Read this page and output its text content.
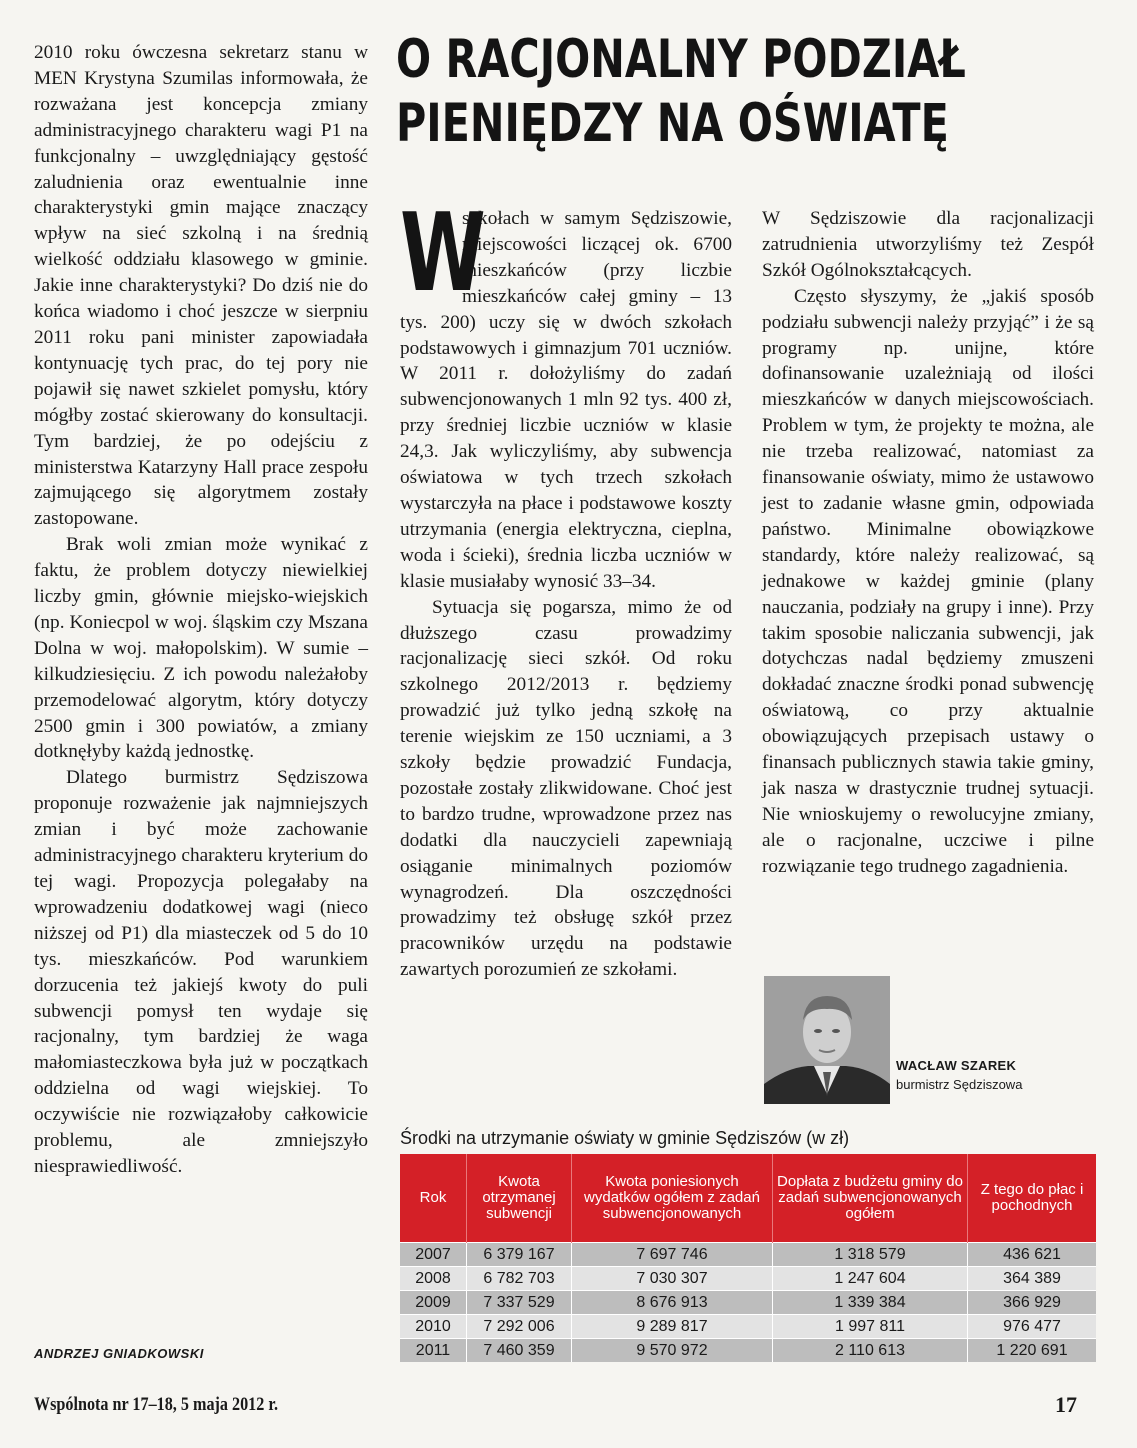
O RACJONALNY PODZIAŁ
PIENIĘDZY NA OŚWIATĘ

2010 roku ówczesna sekretarz stanu w MEN Krystyna Szumilas informowała, że rozważana jest koncepcja zmiany administracyjnego charakteru wagi P1 na funkcjonalny – uwzględniający gęstość zaludnienia oraz ewentualnie inne charakterystyki gmin mające znaczący wpływ na sieć szkolną i na średnią wielkość oddziału klasowego w gminie. Jakie inne charakterystyki? Do dziś nie do końca wiadomo i choć jeszcze w sierpniu 2011 roku pani minister zapowiadała kontynuację tych prac, do tej pory nie pojawił się nawet szkielet pomysłu, który mógłby zostać skierowany do konsultacji. Tym bardziej, że po odejściu z ministerstwa Katarzyny Hall prace zespołu zajmującego się algorytmem zostały zastopowane.

Brak woli zmian może wynikać z faktu, że problem dotyczy niewielkiej liczby gmin, głównie miejsko-wiejskich (np. Koniecpol w woj. śląskim czy Mszana Dolna w woj. małopolskim). W sumie – kilkudziesięciu. Z ich powodu należałoby przemodelować algorytm, który dotyczy 2500 gmin i 300 powiatów, a zmiany dotknęłyby każdą jednostkę.

Dlatego burmistrz Sędziszowa proponuje rozważenie jak najmniejszych zmian i być może zachowanie administracyjnego charakteru kryterium do tej wagi. Propozycja polegałaby na wprowadzeniu dodatkowej wagi (nieco niższej od P1) dla miasteczek od 5 do 10 tys. mieszkańców. Pod warunkiem dorzucenia też jakiejś kwoty do puli subwencji pomysł ten wydaje się racjonalny, tym bardziej że waga małomiasteczkowa była już w początkach oddzielna od wagi wiejskiej. To oczywiście nie rozwiązałoby całkowicie problemu, ale zmniejszyło niesprawiedliwość.

ANDRZEJ GNIADKOWSKI

W
szkołach w samym Sędziszowie, miejscowości liczącej ok. 6700 mieszkańców (przy liczbie mieszkańców całej gminy – 13 tys. 200) uczy się w dwóch szkołach podstawowych i gimnazjum 701 uczniów. W 2011 r. dołożyliśmy do zadań subwencjonowanych 1 mln 92 tys. 400 zł, przy średniej liczbie uczniów w klasie 24,3. Jak wyliczyliśmy, aby subwencja oświatowa w tych trzech szkołach wystarczyła na płace i podstawowe koszty utrzymania (energia elektryczna, cieplna, woda i ścieki), średnia liczba uczniów w klasie musiałaby wynosić 33–34.

Sytuacja się pogarsza, mimo że od dłuższego czasu prowadzimy racjonalizację sieci szkół. Od roku szkolnego 2012/2013 r. będziemy prowadzić już tylko jedną szkołę na terenie wiejskim ze 150 uczniami, a 3 szkoły będzie prowadzić Fundacja, pozostałe zostały zlikwidowane. Choć jest to bardzo trudne, wprowadzone przez nas dodatki dla nauczycieli zapewniają osiąganie minimalnych poziomów wynagrodzeń. Dla oszczędności prowadzimy też obsługę szkół przez pracowników urzędu na podstawie zawartych porozumień ze szkołami.

W Sędziszowie dla racjonalizacji zatrudnienia utworzyliśmy też Zespół Szkół Ogólnokształcących.

Często słyszymy, że „jakiś sposób podziału subwencji należy przyjąć” i że są programy np. unijne, które dofinansowanie uzależniają od ilości mieszkańców w danych miejscowościach. Problem w tym, że projekty te można, ale nie trzeba realizować, natomiast za finansowanie oświaty, mimo że ustawowo jest to zadanie własne gmin, odpowiada państwo. Minimalne obowiązkowe standardy, które należy realizować, są jednakowe w każdej gminie (plany nauczania, podziały na grupy i inne). Przy takim sposobie naliczania subwencji, jak dotychczas nadal będziemy zmuszeni dokładać znaczne środki ponad subwencję oświatową, co przy aktualnie obowiązujących przepisach ustawy o finansach publicznych stawia takie gminy, jak nasza w drastycznie trudnej sytuacji. Nie wnioskujemy o rewolucyjne zmiany, ale o racjonalne, uczciwe i pilne rozwiązanie tego trudnego zagadnienia.

WACŁAW SZAREK
burmistrz Sędziszowa
Środki na utrzymanie oświaty w gminie Sędziszów (w zł)
Rok	Kwota otrzymanej subwencji	Kwota poniesionych wydatków ogółem z zadań subwencjonowanych	Dopłata z budżetu gminy do zadań subwencjonowanych ogółem	Z tego do płac i pochodnych
2007	6 379 167	7 697 746	1 318 579	436 621
2008	6 782 703	7 030 307	1 247 604	364 389
2009	7 337 529	8 676 913	1 339 384	366 929
2010	7 292 006	9 289 817	1 997 811	976 477
2011	7 460 359	9 570 972	2 110 613	1 220 691
Wspólnota nr 17–18, 5 maja 2012 r.	17
